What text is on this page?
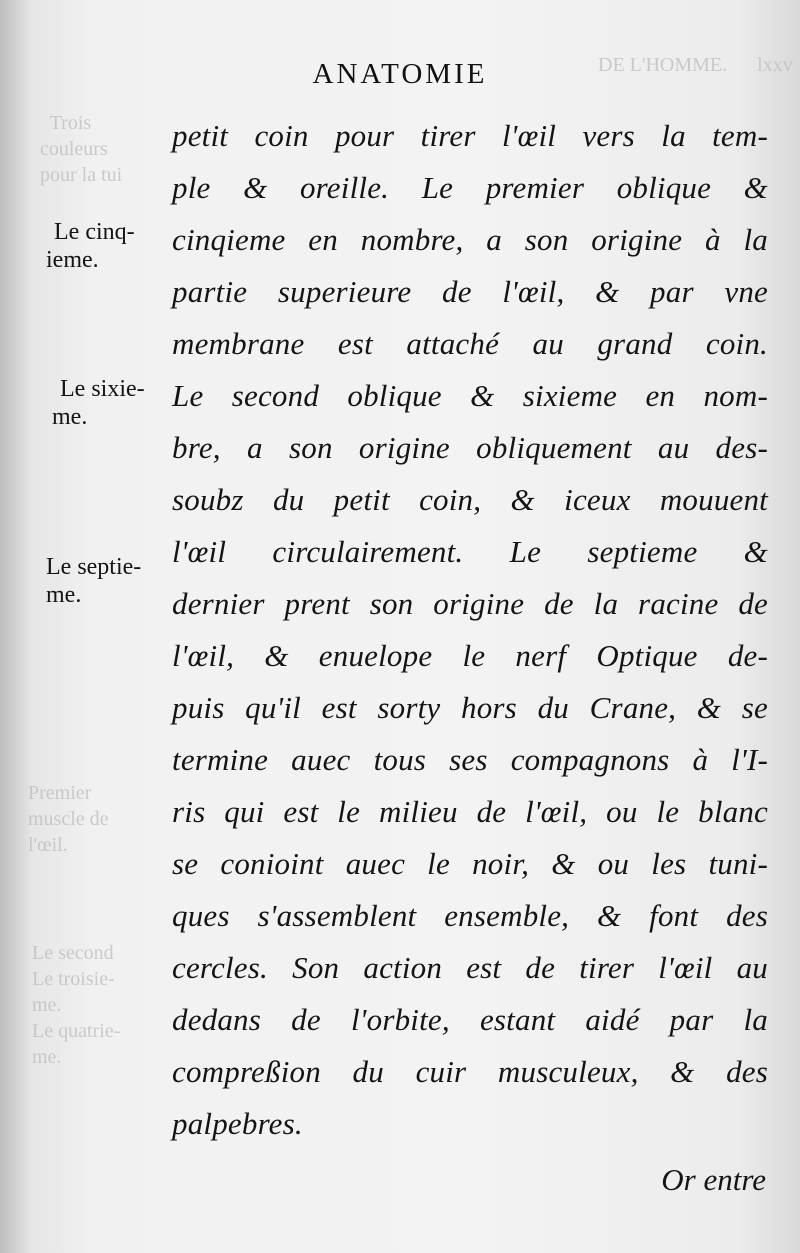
DE L'HOMME.      lxxv
Trois
couleurs
pour la tui

Premier
muscle de
l'œil.
Le second
Le troisie-
me.
Le quatrie-
me.
ANATOMIE
petit coin pour tirer l'œil vers la tem-
ple & oreille. Le premier oblique &
cinqieme en nombre, a son origine à la
partie superieure de l'œil, & par vne
membrane est attaché au grand coin.
Le second oblique & sixieme en nom-
bre, a son origine obliquement au des-
soubz du petit coin, & iceux mouuent
l'œil circulairement. Le septieme &
dernier prent son origine de la racine de
l'œil, & enuelope le nerf Optique de-
puis qu'il est sorty hors du Crane, & se
termine auec tous ses compagnons à l'I-
ris qui est le milieu de l'œil, ou le blanc
se conioint auec le noir, & ou les tuni-
ques s'assemblent ensemble, & font des
cercles. Son action est de tirer l'œil au
dedans de l'orbite, estant aidé par la
compreßion du cuir musculeux, & des
palpebres.
Or entre
Le cinq-
ieme.
Le sixie-
me.
Le septie-
me.
